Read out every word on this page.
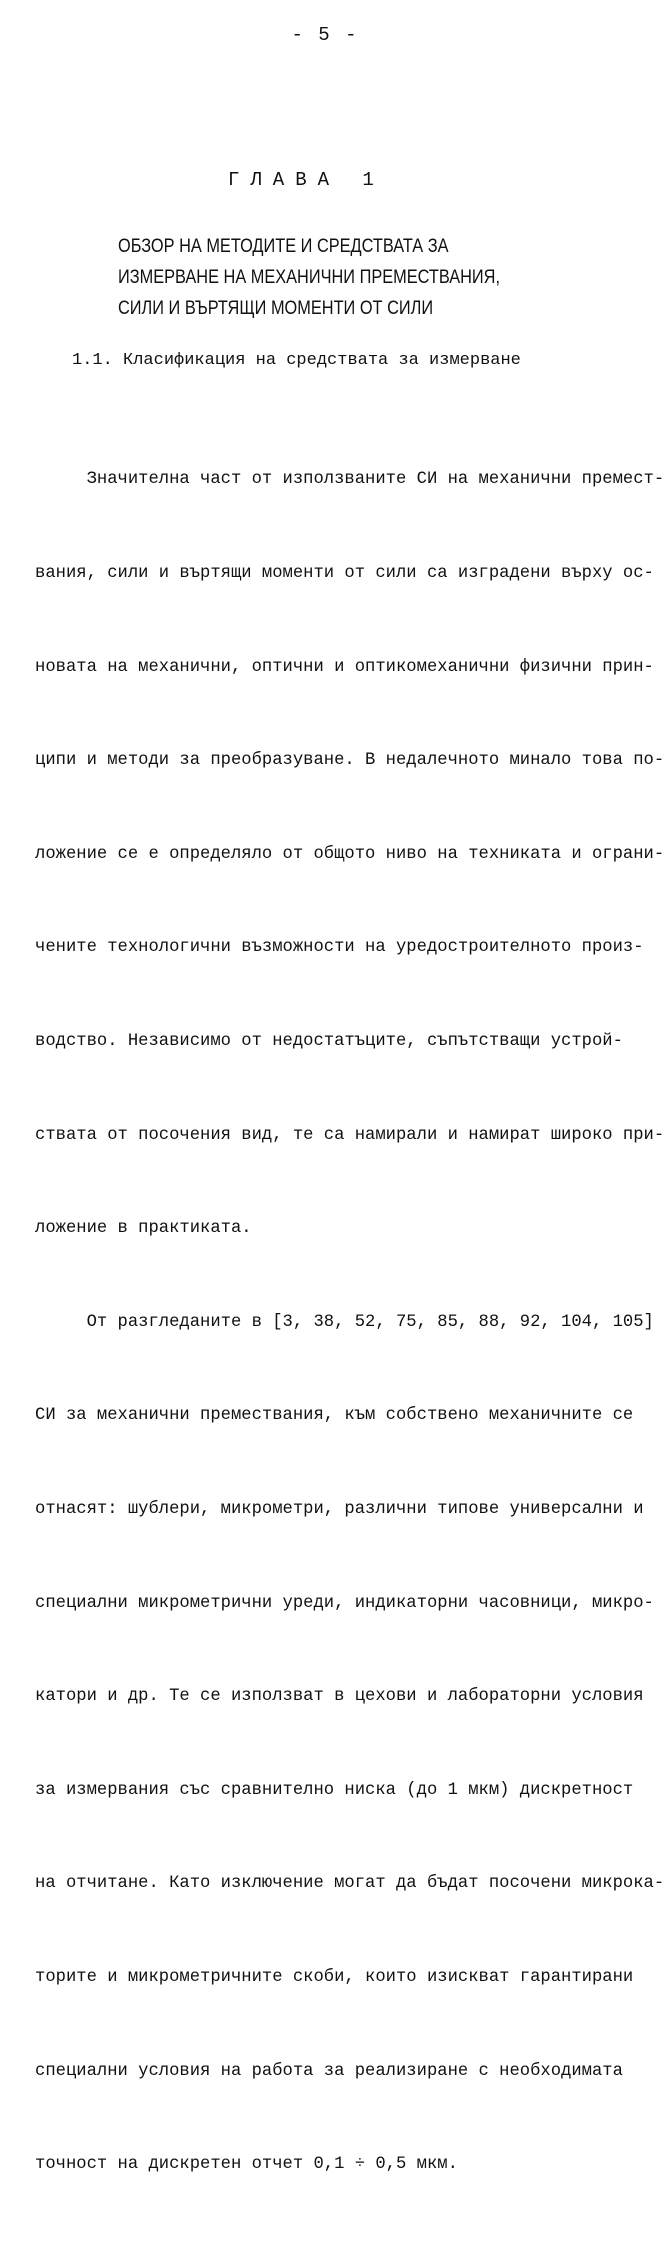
- 5 -
ГЛАВА 1
ОБЗОР НА МЕТОДИТЕ И СРЕДСТВАТА ЗА
ИЗМЕРВАНЕ НА МЕХАНИЧНИ ПРЕМЕСТВАНИЯ,
СИЛИ И ВЪРТЯЩИ МОМЕНТИ ОТ СИЛИ
1.1. Класификация на средствата за измерване

Значителна част от използваните СИ на механични премест-

вания, сили и въртящи моменти от сили са изградени върху ос-

новата на механични, оптични и оптикомеханични физични прин-

ципи и методи за преобразуване. В недалечното минало това по-

ложение се е определяло от общото ниво на техниката и ограни-

чените технологични възможности на уредостроителното произ-

водство. Независимо от недостатъците, съпътстващи устрой-

ствата от посочения вид, те са намирали и намират широко при-

ложение в практиката.

От разгледаните в [3, 38, 52, 75, 85, 88, 92, 104, 105]

СИ за механични премествания, към собствено механичните се

отнасят: шублери, микрометри, различни типове универсални и

специални микрометрични уреди, индикаторни часовници, микро-

катори и др. Те се използват в цехови и лабораторни условия

за измервания със сравнително ниска (до 1 мкм) дискретност

на отчитане. Като изключение могат да бъдат посочени микрока-

торите и микрометричните скоби, които изискват гарантирани

специални условия на работа за реализиране с необходимата

точност на дискретен отчет 0,1 ÷ 0,5 мкм.
